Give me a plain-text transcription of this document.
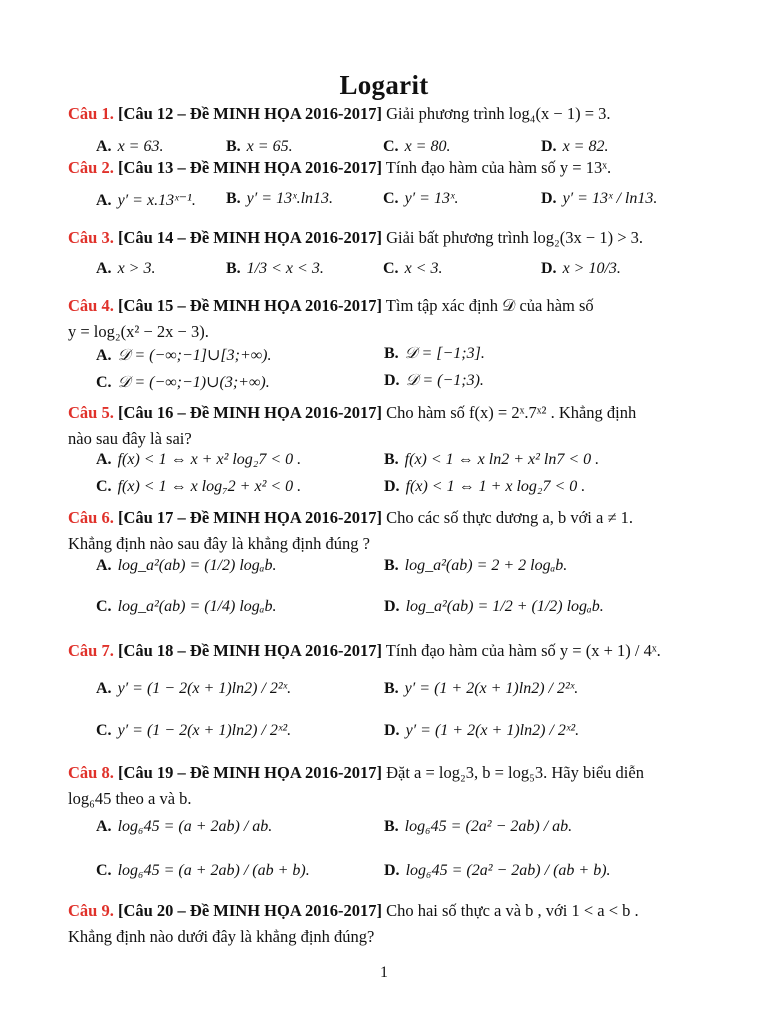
Logarit
Câu 1. [Câu 12 – Đề MINH HỌA 2016-2017] Giải phương trình log₄(x − 1) = 3.
A. x = 63.	B. x = 65.	C. x = 80.	D. x = 82.
Câu 2. [Câu 13 – Đề MINH HỌA 2016-2017] Tính đạo hàm của hàm số y = 13ˣ.
A. y′ = x.13ˣ⁻¹. B. y′ = 13ˣ.ln13.	C. y′ = 13ˣ.	D. y′ = 13ˣ / ln13.
Câu 3. [Câu 14 – Đề MINH HỌA 2016-2017] Giải bất phương trình log₂(3x − 1) > 3.
A. x > 3.	B. 1/3 < x < 3.	C. x < 3.	D. x > 10/3.
Câu 4. [Câu 15 – Đề MINH HỌA 2016-2017] Tìm tập xác định 𝒟 của hàm số
y = log₂(x² − 2x − 3).
A. 𝒟 = (−∞;−1]∪[3;+∞).	B. 𝒟 = [−1;3].
C. 𝒟 = (−∞;−1)∪(3;+∞).	D. 𝒟 = (−1;3).
Câu 5. [Câu 16 – Đề MINH HỌA 2016-2017] Cho hàm số f(x) = 2ˣ.7ˣ² . Khẳng định
nào sau đây là sai?
A. f(x) < 1 ⇔ x + x² log₂7 < 0 .	B. f(x) < 1 ⇔ x ln2 + x² ln7 < 0 .
C. f(x) < 1 ⇔ x log₇2 + x² < 0 .	D. f(x) < 1 ⇔ 1 + x log₂7 < 0 .
Câu 6. [Câu 17 – Đề MINH HỌA 2016-2017] Cho các số thực dương a, b với a ≠ 1.
Khẳng định nào sau đây là khẳng định đúng ?
A. log_a²(ab) = (1/2) logₐb.	B. log_a²(ab) = 2 + 2 logₐb.
C. log_a²(ab) = (1/4) logₐb.	D. log_a²(ab) = 1/2 + (1/2) logₐb.
Câu 7. [Câu 18 – Đề MINH HỌA 2016-2017] Tính đạo hàm của hàm số y = (x + 1) / 4ˣ.
A. y′ = (1 − 2(x + 1)ln2) / 2²ˣ.	B. y′ = (1 + 2(x + 1)ln2) / 2²ˣ.
C. y′ = (1 − 2(x + 1)ln2) / 2ˣ².	D. y′ = (1 + 2(x + 1)ln2) / 2ˣ².
Câu 8. [Câu 19 – Đề MINH HỌA 2016-2017] Đặt a = log₂3, b = log₅3. Hãy biểu diễn
log₆45 theo a và b.
A. log₆45 = (a + 2ab) / ab.	B. log₆45 = (2a² − 2ab) / ab.
C. log₆45 = (a + 2ab) / (ab + b).	D. log₆45 = (2a² − 2ab) / (ab + b).
Câu 9. [Câu 20 – Đề MINH HỌA 2016-2017] Cho hai số thực a và b , với 1 < a < b .
Khẳng định nào dưới đây là khẳng định đúng?
1
